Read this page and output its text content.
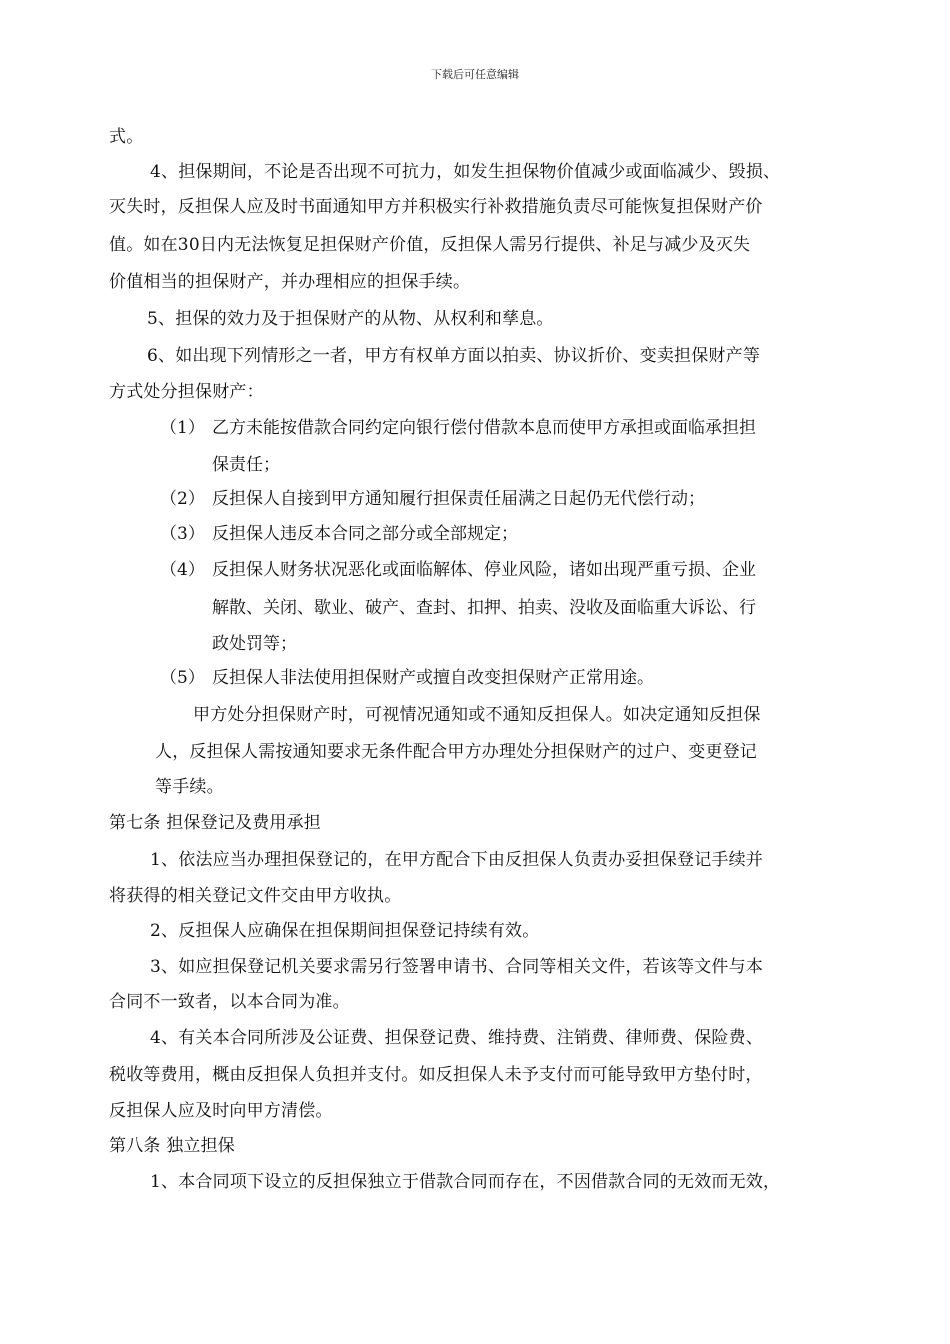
下载后可任意编辑
式。
4、担保期间，不论是否出现不可抗力，如发生担保物价值减少或面临减少、毁损、
灭失时，反担保人应及时书面通知甲方并积极实行补救措施负责尽可能恢复担保财产价
值。如在30日内无法恢复足担保财产价值，反担保人需另行提供、补足与减少及灭失
价值相当的担保财产，并办理相应的担保手续。
5、担保的效力及于担保财产的从物、从权利和孳息。
6、如出现下列情形之一者，甲方有权单方面以拍卖、协议折价、变卖担保财产等
方式处分担保财产：
（1） 乙方未能按借款合同约定向银行偿付借款本息而使甲方承担或面临承担担
保责任；
（2） 反担保人自接到甲方通知履行担保责任届满之日起仍无代偿行动；
（3） 反担保人违反本合同之部分或全部规定；
（4） 反担保人财务状况恶化或面临解体、停业风险，诸如出现严重亏损、企业
解散、关闭、歇业、破产、查封、扣押、拍卖、没收及面临重大诉讼、行
政处罚等；
（5） 反担保人非法使用担保财产或擅自改变担保财产正常用途。
甲方处分担保财产时，可视情况通知或不通知反担保人。如决定通知反担保
人，反担保人需按通知要求无条件配合甲方办理处分担保财产的过户、变更登记
等手续。
第七条 担保登记及费用承担
1、依法应当办理担保登记的，在甲方配合下由反担保人负责办妥担保登记手续并
将获得的相关登记文件交由甲方收执。
2、反担保人应确保在担保期间担保登记持续有效。
3、如应担保登记机关要求需另行签署申请书、合同等相关文件，若该等文件与本
合同不一致者，以本合同为准。
4、有关本合同所涉及公证费、担保登记费、维持费、注销费、律师费、保险费、
税收等费用，概由反担保人负担并支付。如反担保人未予支付而可能导致甲方垫付时，
反担保人应及时向甲方清偿。
第八条 独立担保
1、本合同项下设立的反担保独立于借款合同而存在，不因借款合同的无效而无效，
